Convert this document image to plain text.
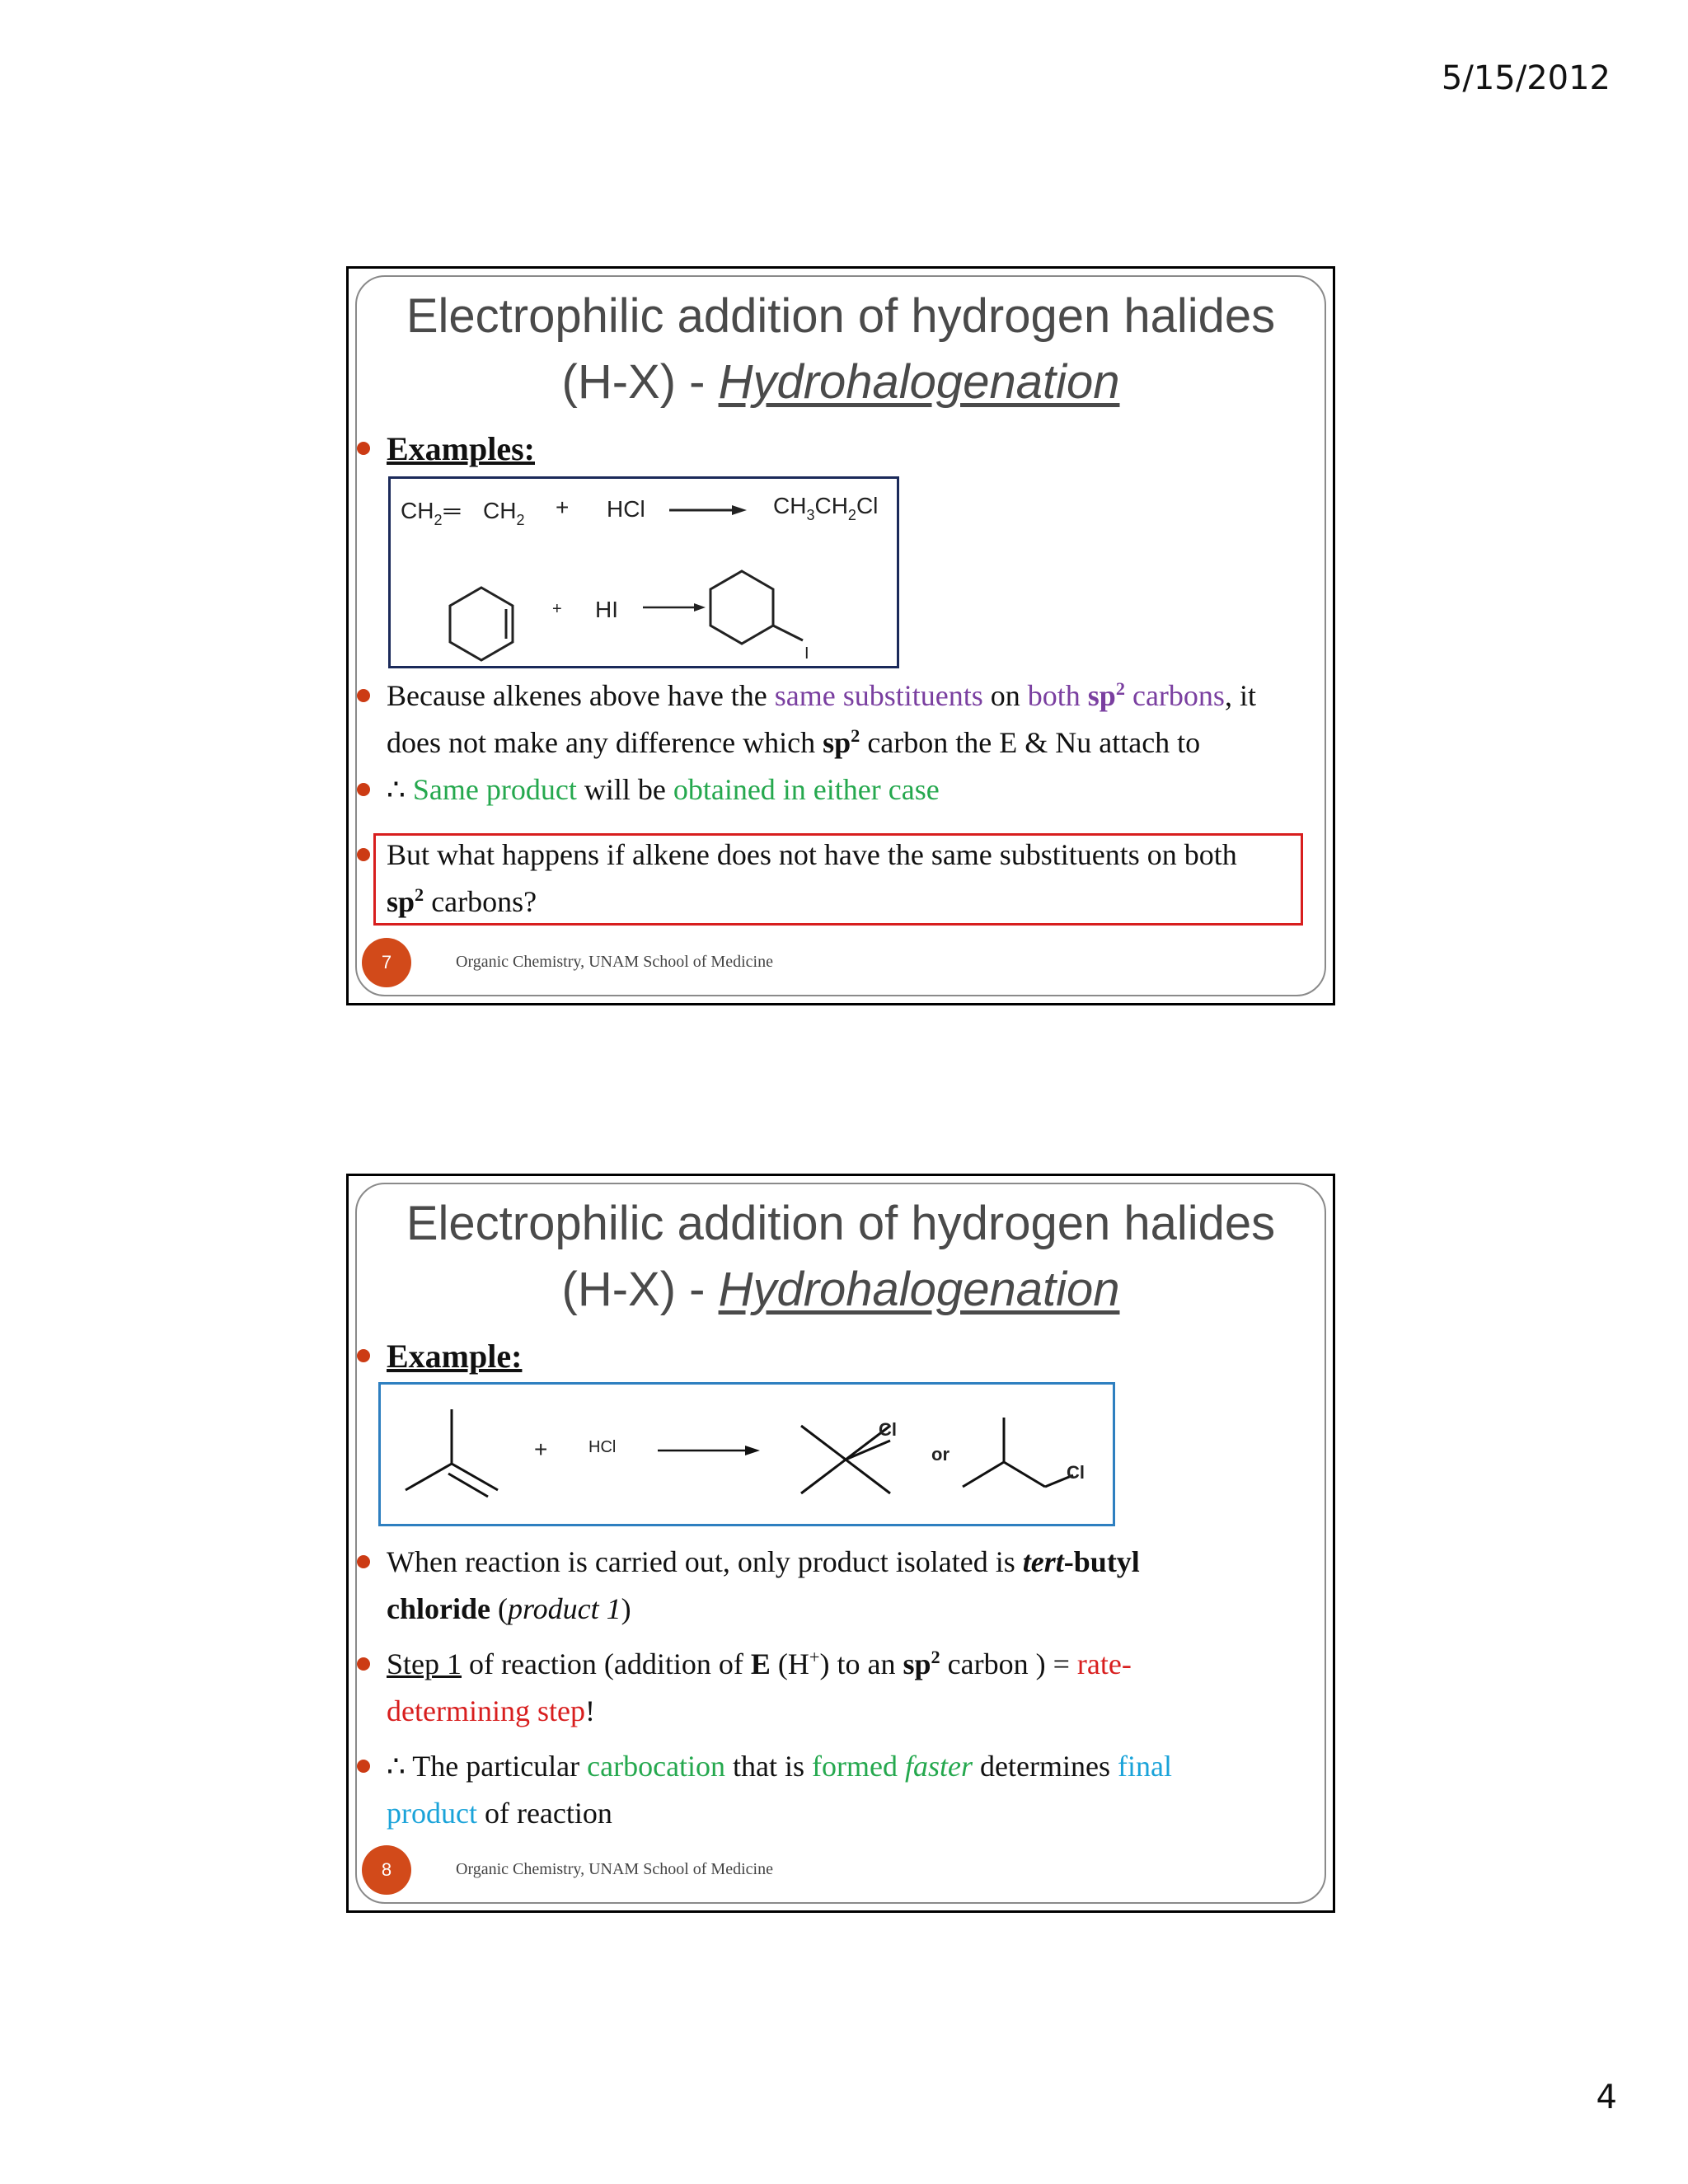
5/15/2012
Electrophilic addition of hydrogen halides
(H-X) - Hydrohalogenation
Examples:
$CH_2═$ $CH_2$ + HCl	$CH_3CH_2Cl$
+ HI
I
Because alkenes above have the same substituents on both $sp^2$ carbons, it
does not make any difference which $sp^2$ carbon the E & Nu attach to
∴ Same product will be obtained in either case
But what happens if alkene does not have the same substituents on both
$sp^2$ carbons?
7	Organic Chemistry, UNAM School of Medicine
Electrophilic addition of hydrogen halides
(H-X) - Hydrohalogenation
Example:
+ HCl
Cl
or
Cl
When reaction is carried out, only product isolated is tert-butyl
chloride (product 1)
Step 1 of reaction (addition of E (H+) to an $sp^2$ carbon ) = rate-
determining step!
∴ The particular carbocation that is formed faster determines final
product of reaction
8	Organic Chemistry, UNAM School of Medicine
4
